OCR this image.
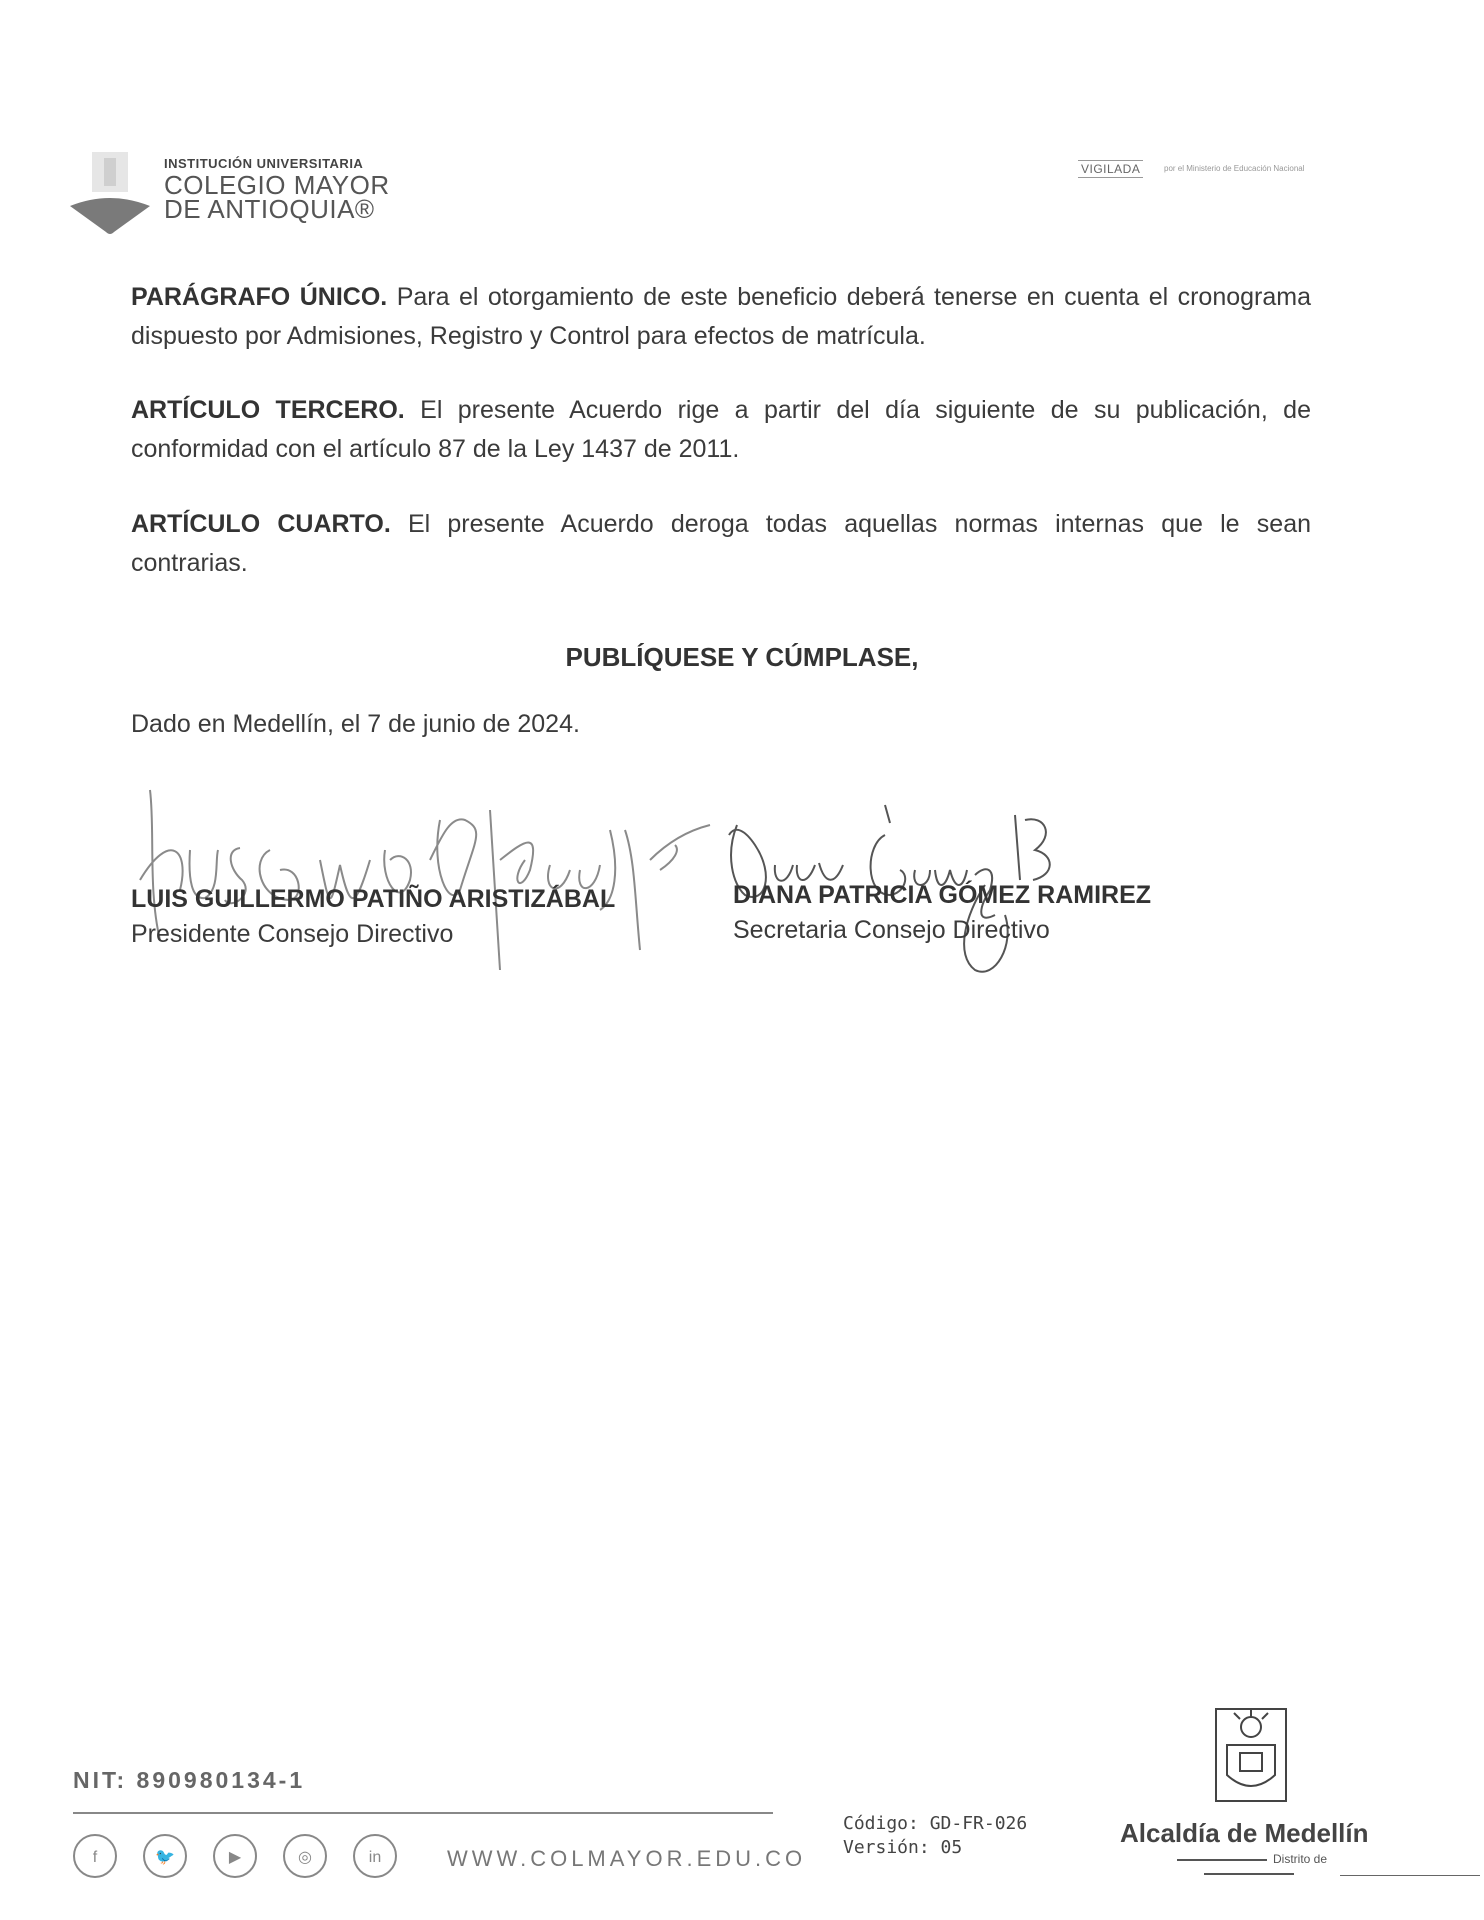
INSTITUCIÓN UNIVERSITARIA
COLEGIO MAYOR
DE ANTIOQUIA®
VIGILADA	por el Ministerio de Educación Nacional
PARÁGRAFO ÚNICO. Para el otorgamiento de este beneficio deberá tenerse en cuenta el cronograma dispuesto por Admisiones, Registro y Control para efectos de matrícula.
ARTÍCULO TERCERO. El presente Acuerdo rige a partir del día siguiente de su publicación, de conformidad con el artículo 87 de la Ley 1437 de 2011.
ARTÍCULO CUARTO. El presente Acuerdo deroga todas aquellas normas internas que le sean contrarias.
PUBLÍQUESE Y CÚMPLASE,
Dado en Medellín, el 7 de junio de 2024.
LUIS GUILLERMO PATIÑO ARISTIZÁBAL
Presidente Consejo Directivo
DIANA PATRICIA GÓMEZ RAMIREZ
Secretaria Consejo Directivo
NIT: 890980134-1
f	🐦	▶	◎	in	WWW.COLMAYOR.EDU.CO
Código: GD-FR-026
Versión: 05	Alcaldía de Medellín
Distrito de
